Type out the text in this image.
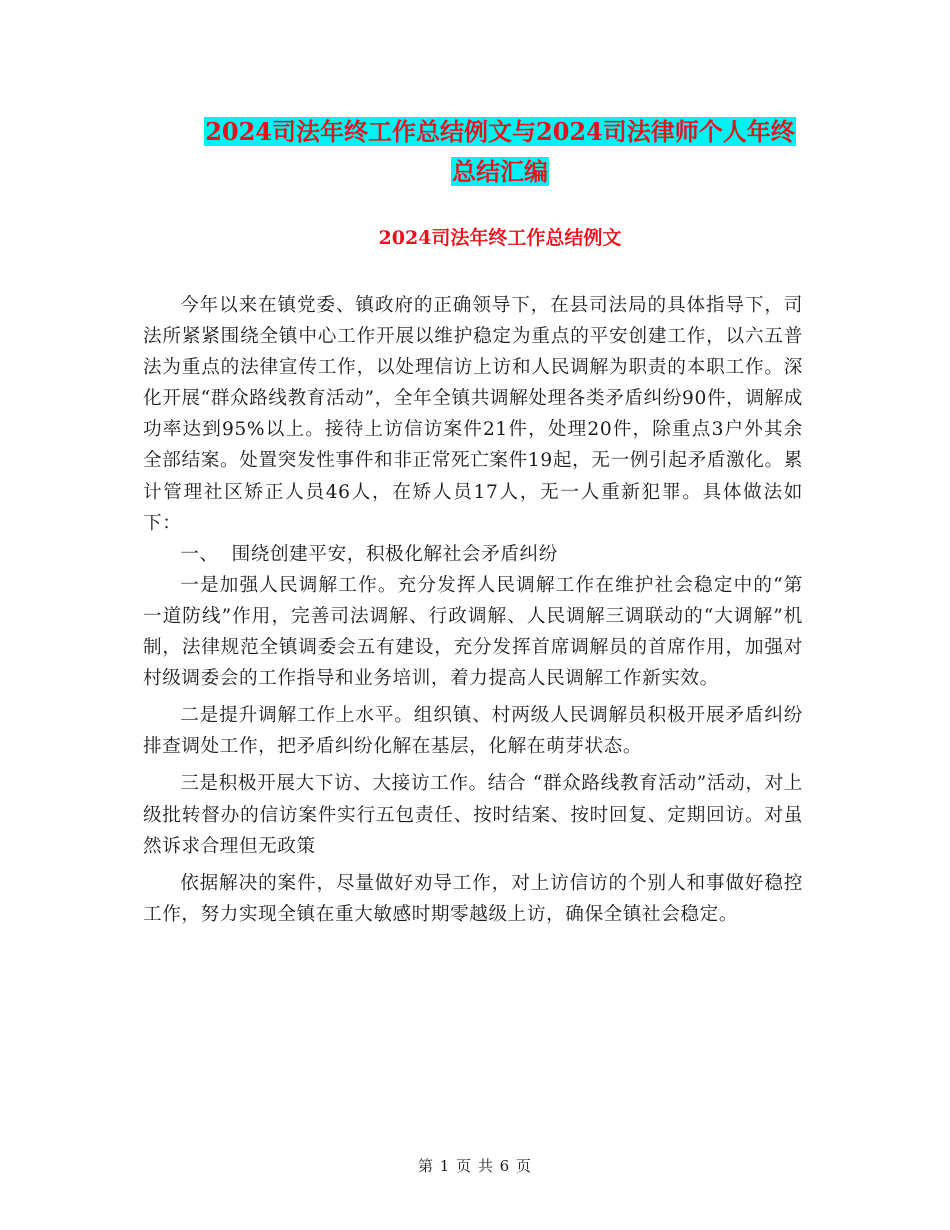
2024司法年终工作总结例文与2024司法律师个人年终
总结汇编
2024司法年终工作总结例文

今年以来在镇党委、镇政府的正确领导下，在县司法局的具体指导下，司法所紧紧围绕全镇中心工作开展以维护稳定为重点的平安创建工作，以六五普法为重点的法律宣传工作，以处理信访上访和人民调解为职责的本职工作。深化开展“群众路线教育活动”，全年全镇共调解处理各类矛盾纠纷90件，调解成功率达到95%以上。接待上访信访案件21件，处理20件，除重点3户外其余全部结案。处置突发性事件和非正常死亡案件19起，无一例引起矛盾激化。累计管理社区矫正人员46人，在矫人员17人，无一人重新犯罪。具体做法如下：

一、  围绕创建平安，积极化解社会矛盾纠纷

一是加强人民调解工作。充分发挥人民调解工作在维护社会稳定中的“第一道防线”作用，完善司法调解、行政调解、人民调解三调联动的“大调解”机制，法律规范全镇调委会五有建设，充分发挥首席调解员的首席作用，加强对村级调委会的工作指导和业务培训，着力提高人民调解工作新实效。

二是提升调解工作上水平。组织镇、村两级人民调解员积极开展矛盾纠纷排查调处工作，把矛盾纠纷化解在基层，化解在萌芽状态。

三是积极开展大下访、大接访工作。结合 “群众路线教育活动”活动，对上级批转督办的信访案件实行五包责任、按时结案、按时回复、定期回访。对虽然诉求合理但无政策

依据解决的案件，尽量做好劝导工作，对上访信访的个别人和事做好稳控工作，努力实现全镇在重大敏感时期零越级上访，确保全镇社会稳定。

第 1 页 共 6 页
